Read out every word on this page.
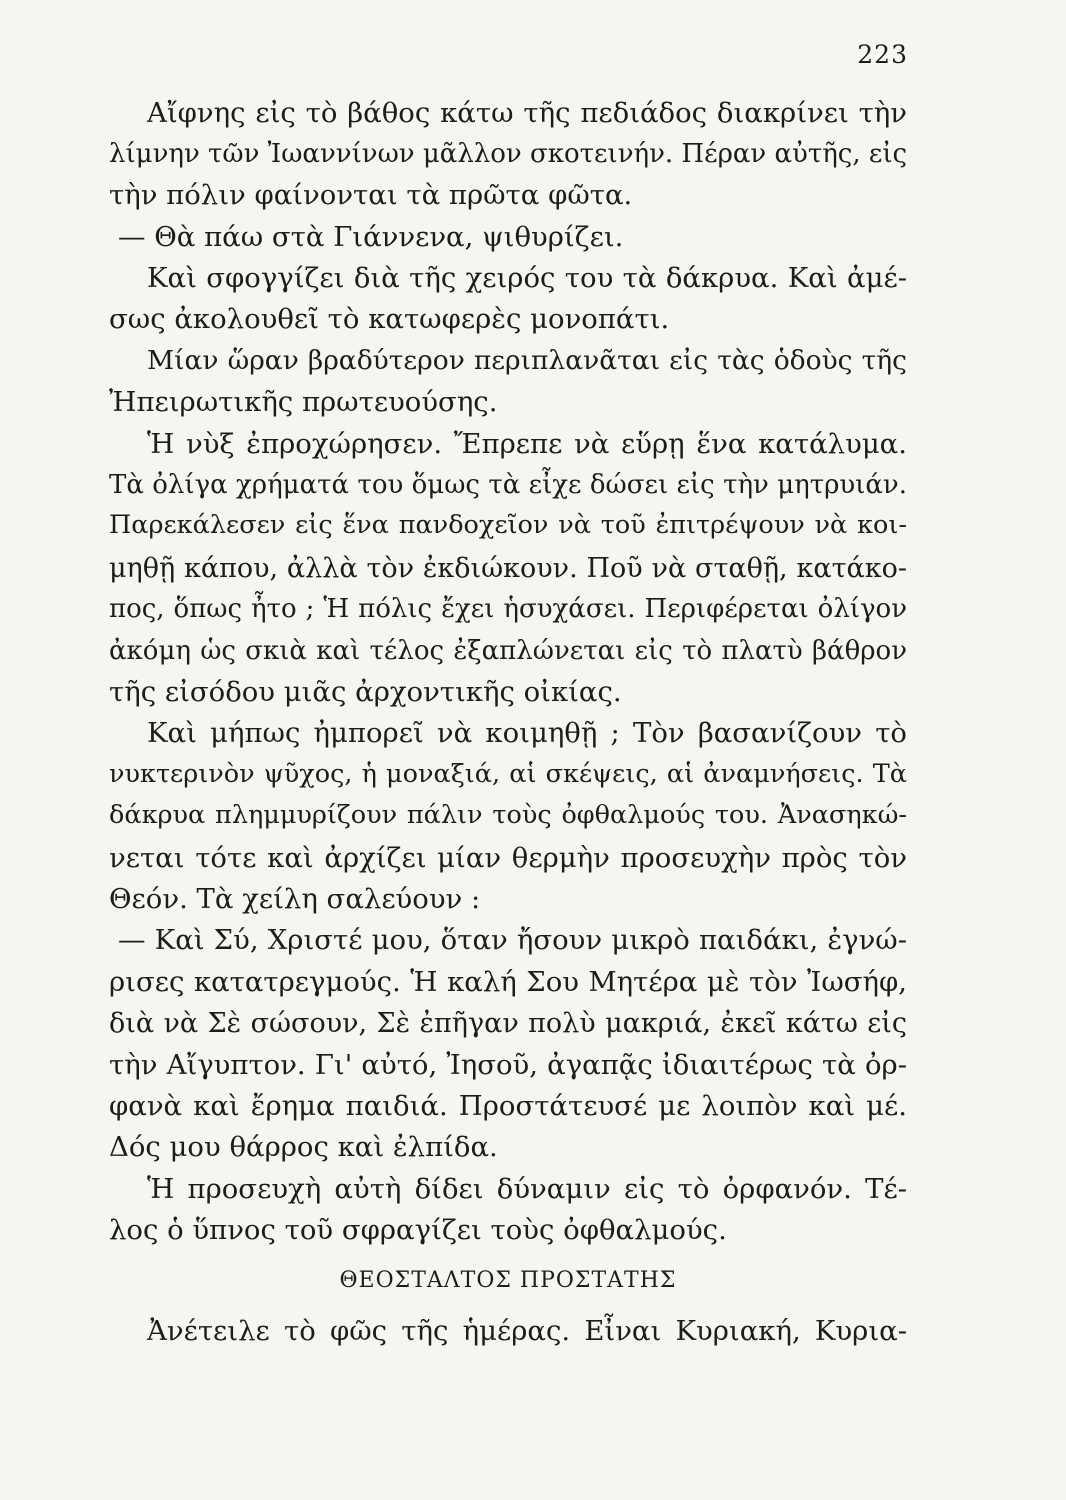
223
Αἴφνης εἰς τὸ βάθος κάτω τῆς πεδιάδος διακρίνει τὴν
λίμνην τῶν Ἰωαννίνων μᾶλλον σκοτεινήν. Πέραν αὐτῆς, εἰς
τὴν πόλιν φαίνονται τὰ πρῶτα φῶτα.
— Θὰ πάω στὰ Γιάννενα, ψιθυρίζει.
Καὶ σφογγίζει διὰ τῆς χειρός του τὰ δάκρυα. Καὶ ἀμέ-
σως ἀκολουθεῖ τὸ κατωφερὲς μονοπάτι.
Μίαν ὥραν βραδύτερον περιπλανᾶται εἰς τὰς ὁδοὺς τῆς
Ἠπειρωτικῆς πρωτευούσης.
Ἡ νὺξ ἐπροχώρησεν. Ἔπρεπε νὰ εὕρῃ ἕνα κατάλυμα.
Τὰ ὀλίγα χρήματά του ὅμως τὰ εἶχε δώσει εἰς τὴν μητρυιάν.
Παρεκάλεσεν εἰς ἕνα πανδοχεῖον νὰ τοῦ ἐπιτρέψουν νὰ κοι-
μηθῇ κάπου, ἀλλὰ τὸν ἐκδιώκουν. Ποῦ νὰ σταθῇ, κατάκο-
πος, ὅπως ἦτο ; Ἡ πόλις ἔχει ἡσυχάσει. Περιφέρεται ὀλίγον
ἀκόμη ὡς σκιὰ καὶ τέλος ἐξαπλώνεται εἰς τὸ πλατὺ βάθρον
τῆς εἰσόδου μιᾶς ἀρχοντικῆς οἰκίας.
Καὶ μήπως ἠμπορεῖ νὰ κοιμηθῇ ; Τὸν βασανίζουν τὸ
νυκτερινὸν ψῦχος, ἡ μοναξιά, αἱ σκέψεις, αἱ ἀναμνήσεις. Τὰ
δάκρυα πλημμυρίζουν πάλιν τοὺς ὀφθαλμούς του. Ἀνασηκώ-
νεται τότε καὶ ἀρχίζει μίαν θερμὴν προσευχὴν πρὸς τὸν
Θεόν. Τὰ χείλη σαλεύουν :
— Καὶ Σύ, Χριστέ μου, ὅταν ἤσουν μικρὸ παιδάκι, ἐγνώ-
ρισες κατατρεγμούς. Ἡ καλή Σου Μητέρα μὲ τὸν Ἰωσήφ,
διὰ νὰ Σὲ σώσουν, Σὲ ἐπῆγαν πολὺ μακριά, ἐκεῖ κάτω εἰς
τὴν Αἴγυπτον. Γι' αὐτό, Ἰησοῦ, ἀγαπᾷς ἰδιαιτέρως τὰ ὀρ-
φανὰ καὶ ἔρημα παιδιά. Προστάτευσέ με λοιπὸν καὶ μέ.
Δός μου θάρρος καὶ ἐλπίδα.
Ἡ προσευχὴ αὐτὴ δίδει δύναμιν εἰς τὸ ὀρφανόν. Τέ-
λος ὁ ὕπνος τοῦ σφραγίζει τοὺς ὀφθαλμούς.
ΘΕΟΣΤΑΛΤΟΣ ΠΡΟΣΤΑΤΗΣ
Ἀνέτειλε τὸ φῶς τῆς ἡμέρας. Εἶναι Κυριακή, Κυρια-
